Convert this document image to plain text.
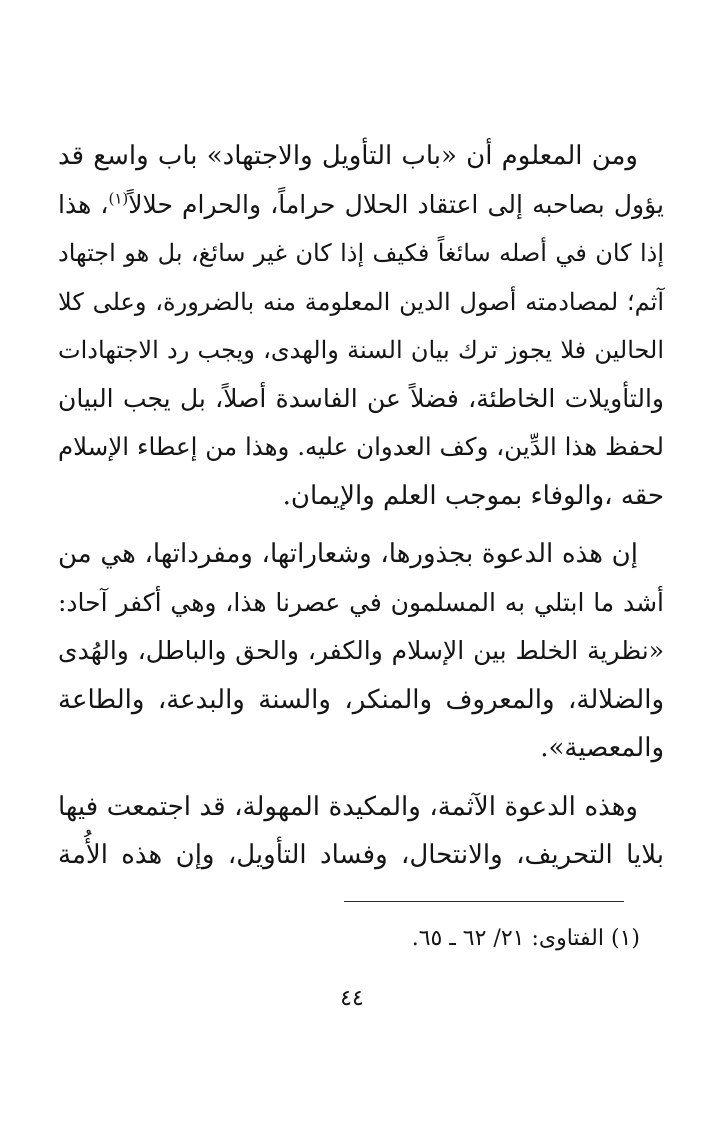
ومن المعلوم أن «باب التأويل والاجتهاد» باب واسع قد
يؤول بصاحبه إلى اعتقاد الحلال حراماً، والحرام حلالاً$^{(١)}$، هذا
إذا كان في أصله سائغاً فكيف إذا كان غير سائغ، بل هو اجتهاد
آثم؛ لمصادمته أصول الدين المعلومة منه بالضرورة، وعلى كلا
الحالين فلا يجوز ترك بيان السنة والهدى، ويجب رد الاجتهادات
والتأويلات الخاطئة، فضلاً عن الفاسدة أصلاً، بل يجب البيان
لحفظ هذا الدِّين، وكف العدوان عليه. وهذا من إعطاء الإسلام
حقه ،والوفاء بموجب العلم والإيمان.
إن هذه الدعوة بجذورها، وشعاراتها، ومفرداتها، هي من
أشد ما ابتلي به المسلمون في عصرنا هذا، وهي أكفر آحاد:
«نظرية الخلط بين الإسلام والكفر، والحق والباطل، والهُدى
والضلالة، والمعروف والمنكر، والسنة والبدعة، والطاعة
والمعصية».
وهذه الدعوة الآثمة، والمكيدة المهولة، قد اجتمعت فيها
بلايا التحريف، والانتحال، وفساد التأويل، وإن هذه الأُمة
(١) الفتاوى: ٢١/ ٦٢ ـ ٦٥.
٤٤
